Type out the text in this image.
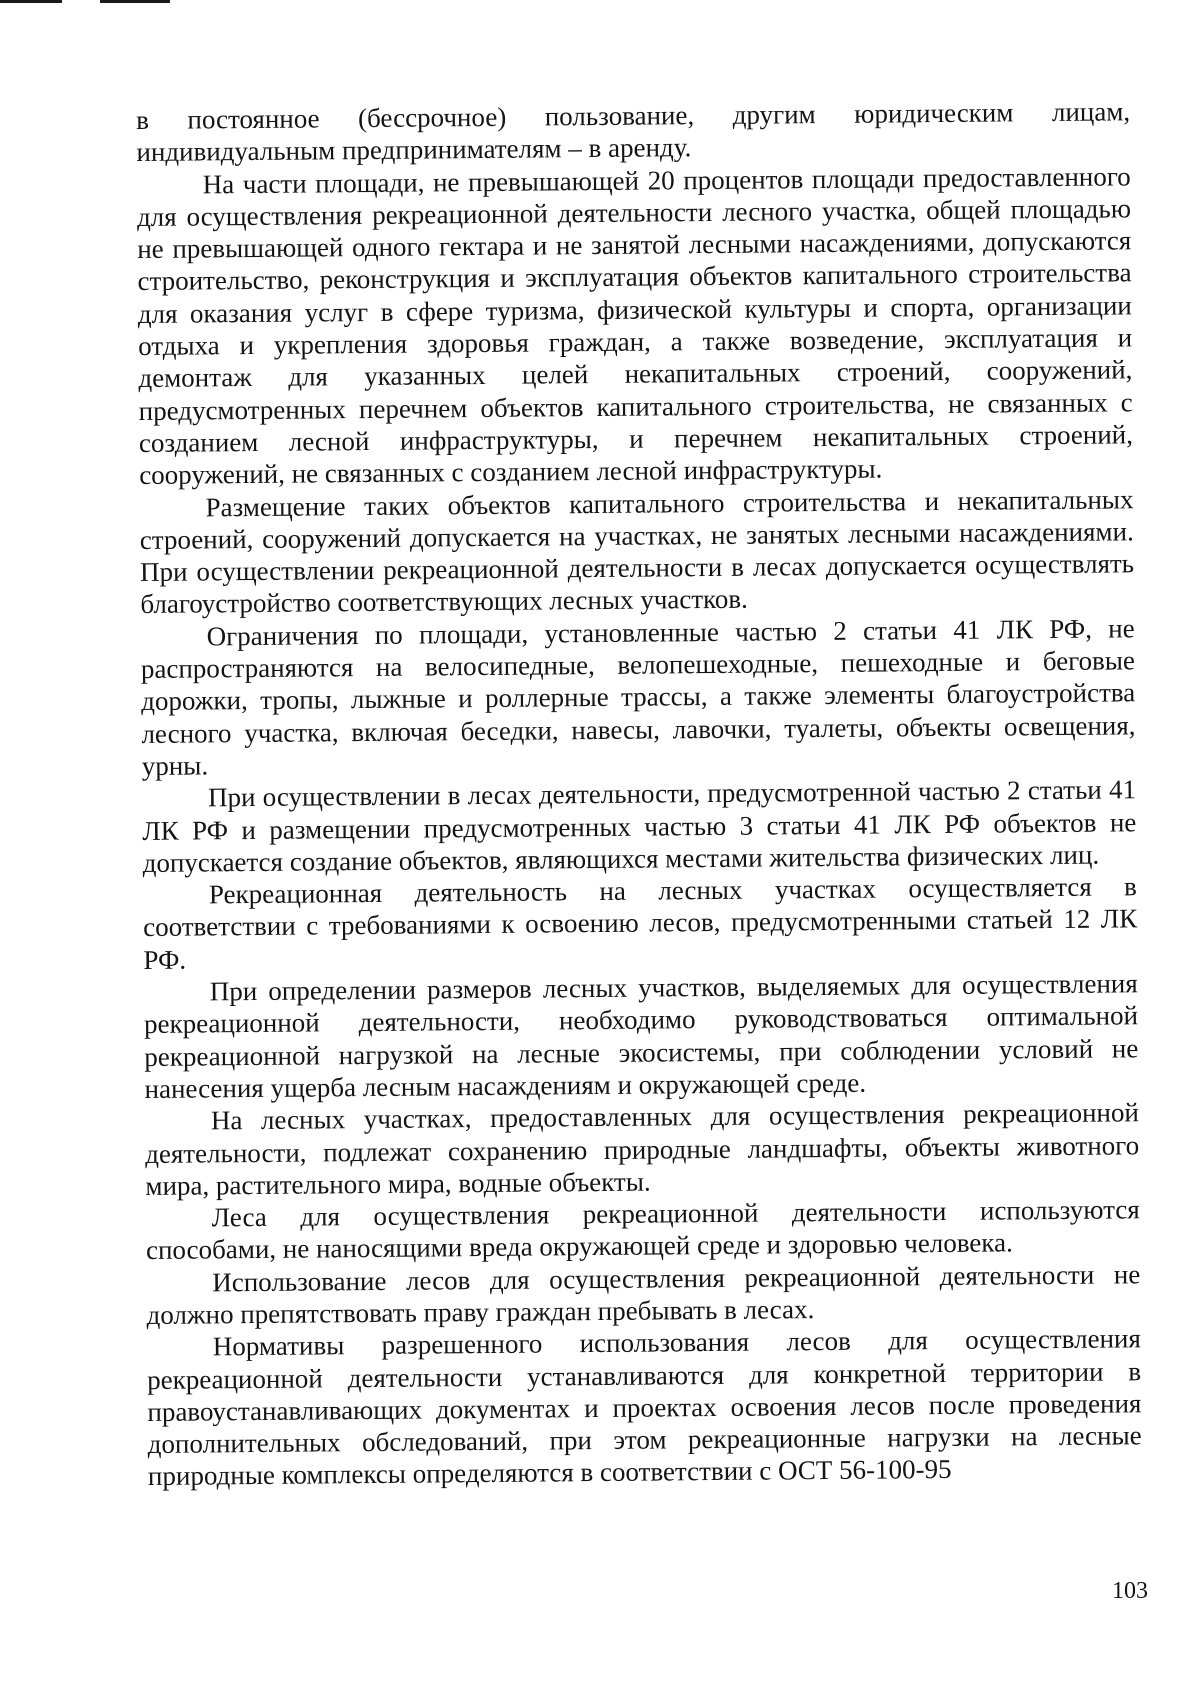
в постоянное (бессрочное) пользование, другим юридическим лицам, индивидуальным предпринимателям – в аренду.

На части площади, не превышающей 20 процентов площади предоставленного для осуществления рекреационной деятельности лесного участка, общей площадью не превышающей одного гектара и не занятой лесными насаждениями, допускаются строительство, реконструкция и эксплуатация объектов капитального строительства для оказания услуг в сфере туризма, физической культуры и спорта, организации отдыха и укрепления здоровья граждан, а также возведение, эксплуатация и демонтаж для указанных целей некапитальных строений, сооружений, предусмотренных перечнем объектов капитального строительства, не связанных с созданием лесной инфраструктуры, и перечнем некапитальных строений, сооружений, не связанных с созданием лесной инфраструктуры.

Размещение таких объектов капитального строительства и некапитальных строений, сооружений допускается на участках, не занятых лесными насаждениями. При осуществлении рекреационной деятельности в лесах допускается осуществлять благоустройство соответствующих лесных участков.

Ограничения по площади, установленные частью 2 статьи 41 ЛК РФ, не распространяются на велосипедные, велопешеходные, пешеходные и беговые дорожки, тропы, лыжные и роллерные трассы, а также элементы благоустройства лесного участка, включая беседки, навесы, лавочки, туалеты, объекты освещения, урны.

При осуществлении в лесах деятельности, предусмотренной частью 2 статьи 41 ЛК РФ и размещении предусмотренных частью 3 статьи 41 ЛК РФ объектов не допускается создание объектов, являющихся местами жительства физических лиц.

Рекреационная деятельность на лесных участках осуществляется в соответствии с требованиями к освоению лесов, предусмотренными статьей 12 ЛК РФ.

При определении размеров лесных участков, выделяемых для осуществления рекреационной деятельности, необходимо руководствоваться оптимальной рекреационной нагрузкой на лесные экосистемы, при соблюдении условий не нанесения ущерба лесным насаждениям и окружающей среде.

На лесных участках, предоставленных для осуществления рекреационной деятельности, подлежат сохранению природные ландшафты, объекты животного мира, растительного мира, водные объекты.

Леса для осуществления рекреационной деятельности используются способами, не наносящими вреда окружающей среде и здоровью человека.

Использование лесов для осуществления рекреационной деятельности не должно препятствовать праву граждан пребывать в лесах.

Нормативы разрешенного использования лесов для осуществления рекреационной деятельности устанавливаются для конкретной территории в правоустанавливающих документах и проектах освоения лесов после проведения дополнительных обследований, при этом рекреационные нагрузки на лесные природные комплексы определяются в соответствии с ОСТ 56-100-95

103
